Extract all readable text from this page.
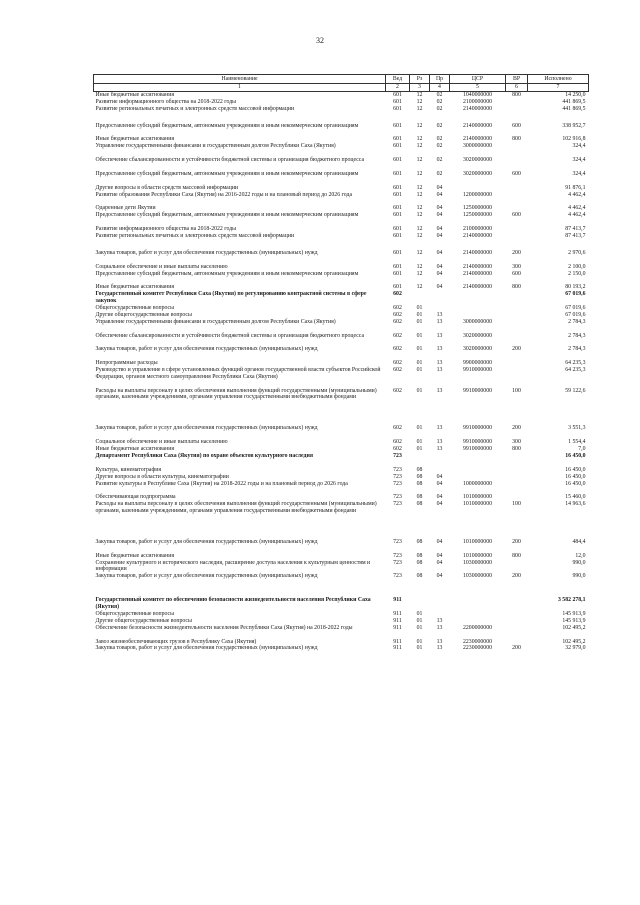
32
Наименование	Вед	Рз	Пр	ЦСР	ВР	Исполнено
1	2	3	4	5	6	7
Иные бюджетные ассигнования	601	12	02	1040000000	800	14 250,0
Развитие информационного общества на 2018-2022 годы	601	12	02	2100000000		441 869,5
Развитие региональных печатных и электронных средств массовой информации	601	12	02	2140000000		441 869,5
Предоставление субсидий бюджетным, автономным учреждениям и иным некоммерческим организациям	601	12	02	2140000000	600	338 952,7
Иные бюджетные ассигнования	601	12	02	2140000000	800	102 916,8
Управление государственными финансами и государственным долгом Республики Саха (Якутия)	601	12	02	3000000000		324,4
Обеспечение сбалансированности и устойчивости бюджетной системы и организация бюджетного процесса	601	12	02	3020000000		324,4
Предоставление субсидий бюджетным, автономным учреждениям и иным некоммерческим организациям	601	12	02	3020000000	600	324,4
Другие вопросы в области средств массовой информации	601	12	04			91 876,1
Развитие образования Республики Саха (Якутия) на 2016-2022 годы и на плановый период до 2026 года	601	12	04	1200000000		4 462,4
Одаренные дети Якутии	601	12	04	1250000000		4 462,4
Предоставление субсидий бюджетным, автономным учреждениям и иным некоммерческим организациям	601	12	04	1250000000	600	4 462,4
Развитие информационного общества на 2018-2022 годы	601	12	04	2100000000		87 413,7
Развитие региональных печатных и электронных средств массовой информации	601	12	04	2140000000		87 413,7
Закупка товаров, работ и услуг для обеспечения государственных (муниципальных) нужд	601	12	04	2140000000	200	2 970,6
Социальное обеспечение и иные выплаты населению	601	12	04	2140000000	300	2 100,0
Предоставление субсидий бюджетным, автономным учреждениям и иным некоммерческим организациям	601	12	04	2140000000	600	2 150,0
Иные бюджетные ассигнования	601	12	04	2140000000	800	80 193,2
Государственный комитет Республики Саха (Якутия) по регулированию контрактной системы в сфере закупок	602					67 019,6
Общегосударственные вопросы	602	01				67 019,6
Другие общегосударственные вопросы	602	01	13			67 019,6
Управление государственными финансами и государственным долгом Республики Саха (Якутия)	602	01	13	3000000000		2 784,3
Обеспечение сбалансированности и устойчивости бюджетной системы и организация бюджетного процесса	602	01	13	3020000000		2 784,3
Закупка товаров, работ и услуг для обеспечения государственных (муниципальных) нужд	602	01	13	3020000000	200	2 784,3
Непрограммные расходы	602	01	13	9900000000		64 235,3
Руководство и управление в сфере установленных функций органов государственной власти субъектов Российской Федерации, органов местного самоуправления Республики Саха (Якутия)	602	01	13	9910000000		64 235,3
Расходы на выплаты персоналу в целях обеспечения выполнения функций государственными (муниципальными) органами, казенными учреждениями, органами управления государственными внебюджетными фондами	602	01	13	9910000000	100	59 122,6
Закупка товаров, работ и услуг для обеспечения государственных (муниципальных) нужд	602	01	13	9910000000	200	3 551,3
Социальное обеспечение и иные выплаты населению	602	01	13	9910000000	300	1 554,4
Иные бюджетные ассигнования	602	01	13	9910000000	800	7,0
Департамент Республики Саха (Якутия) по охране объектов культурного наследия	723					16 450,0
Культура, кинематография	723	08				16 450,0
Другие вопросы в области культуры, кинематографии	723	08	04			16 450,0
Развитие культуры в Республике Саха (Якутия) на 2018-2022 годы и на плановый период до 2026 года	723	08	04	1000000000		16 450,0
Обеспечивающая подпрограмма	723	08	04	1010000000		15 460,0
Расходы на выплаты персоналу в целях обеспечения выполнения функций государственными (муниципальными) органами, казенными учреждениями, органами управления государственными внебюджетными фондами	723	08	04	1010000000	100	14 963,6
Закупка товаров, работ и услуг для обеспечения государственных (муниципальных) нужд	723	08	04	1010000000	200	484,4
Иные бюджетные ассигнования	723	08	04	1010000000	800	12,0
Сохранение культурного и исторического наследия, расширение доступа населения к культурным ценностям и информации	723	08	04	1030000000		990,0
Закупка товаров, работ и услуг для обеспечения государственных (муниципальных) нужд	723	08	04	1030000000	200	990,0
Государственный комитет по обеспечению безопасности жизнедеятельности населения Республики Саха (Якутия)	911					3 582 278,1
Общегосударственные вопросы	911	01				145 913,9
Другие общегосударственные вопросы	911	01	13			145 913,9
Обеспечение безопасности жизнедеятельности населения Республики Саха (Якутия) на 2018-2022 годы	911	01	13	2200000000		102 495,2
Завоз жизнеобеспечивающих грузов в Республику Саха (Якутия)	911	01	13	2230000000		102 495,2
Закупка товаров, работ и услуг для обеспечения государственных (муниципальных) нужд	911	01	13	2230000000	200	32 979,0
